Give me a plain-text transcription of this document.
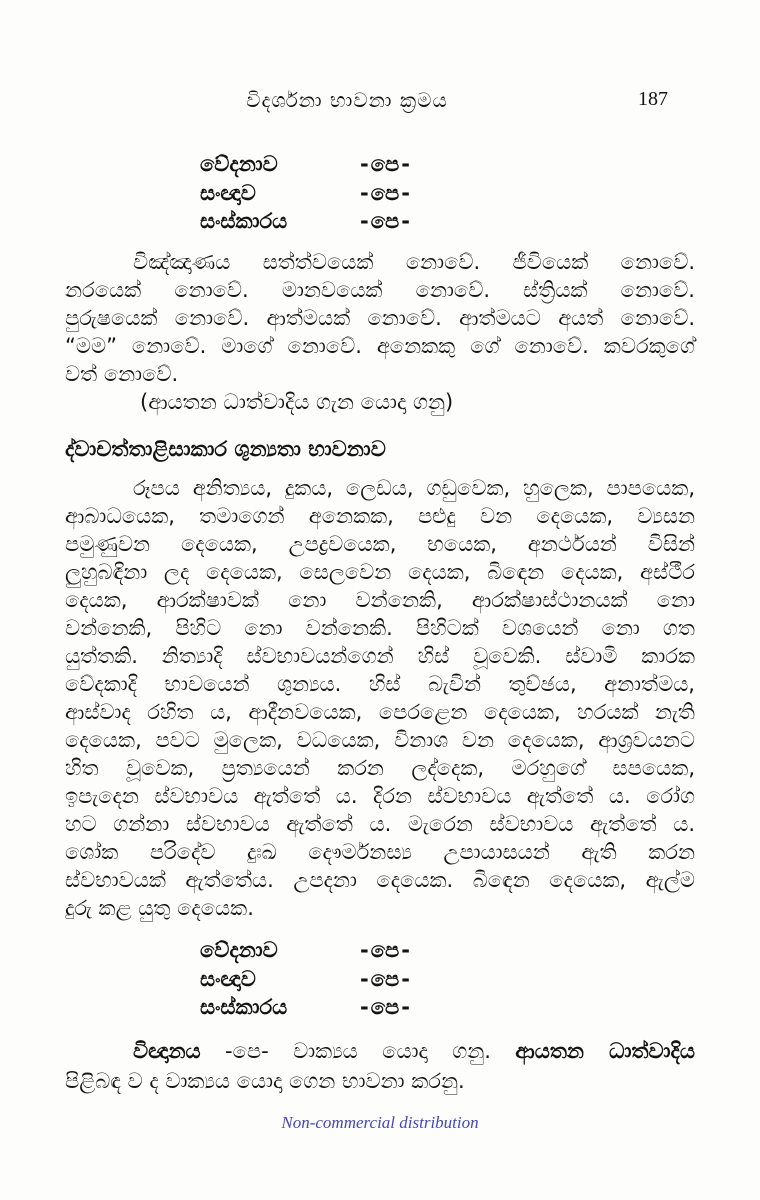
විදර්ශනා භාවනා ක්‍රමය	187
වේදනාව	-පෙ-
සංඥාව	-පෙ-
සංස්කාරය	-පෙ-
විඤ්ඤාණය සත්ත්වයෙක් නොවේ. ජීවියෙක් නොවේ.
නරයෙක් නොවේ. මානවයෙක් නොවේ. ස්ත්‍රියක් නොවේ.
පුරුෂයෙක් නොවේ. ආත්මයක් නොවේ. ආත්මයට අයත් නොවේ.
“මම” නොවේ. මාගේ නොවේ. අනෙකකු ගේ නොවේ. කවරකුගේ
වත් නොවේ.
(ආයතන ධාත්වාදිය ගැන යොදා ගනු)
ද්වාචත්තාළිසාකාර ශුන්‍යතා භාවනාව
රූපය අනිත්‍යය, දුකය, ලෙඩය, ගඩුවෙක, හුලෙක, පාපයෙක,
ආබාධයෙක, තමාගෙන් අනෙකක, පළුදු වන දෙයෙක, ව්‍යසන
පමුණුවන දෙයෙක, උපද්‍රවයෙක, භයෙක, අනර්ථයන් විසින්
ලුහුබඳිනා ලද දෙයෙක, සෙලවෙන දෙයක, බිඳෙන දෙයක, අස්ථීර
දෙයක, ආරක්ෂාවක් නො වන්නෙකි, ආරක්ෂාස්ථානයක් නො
වන්නෙකි, පිහිට නො වන්නෙකි. පිහිටක් වශයෙන් නො ගත
යුත්තකි. නිත්‍යාදි ස්වභාවයන්ගෙන් හිස් වූවෙකි. ස්වාමි කාරක
වේදකාදි භාවයෙන් ශුන්‍යය. හිස් බැවින් තුච්ඡය, අනාත්මය,
ආස්වාද රහිත ය, ආදීනවයෙක, පෙරළෙන දෙයෙක, හරයක් නැති
දෙයෙක, පවට මුලෙක, වධයෙක, විනාශ වන දෙයෙක, ආශ්‍රවයනට
හිත වූවෙක, ප්‍රත්‍යයෙන් කරන ලද්දෙක, මරහුගේ සපයෙක,
ඉපැදෙන ස්වභාවය ඇත්තේ ය. දිරන ස්වභාවය ඇත්තේ ය. රෝග
හට ගන්නා ස්වභාවය ඇත්තේ ය. මැරෙන ස්වභාවය ඇත්තේ ය.
ශෝක පරිදේව දුඃඛ දෞර්මනස්‍ය උපායාසයන් ඇති කරන
ස්වභාවයක් ඇත්තේය. උපදනා දෙයෙක. බිඳෙන දෙයෙක, ඇල්ම
දුරු කළ යුතු දෙයෙක.
වේදනාව	-පෙ-
සංඥාව	-පෙ-
සංස්කාරය	-පෙ-
විඥානය -පෙ- වාක්‍යය යොදා ගනු. ආයතන ධාත්වාදිය
පිළිබඳ ව ද වාක්‍යය යොදා ගෙන භාවනා කරනු.
Non-commercial distribution
